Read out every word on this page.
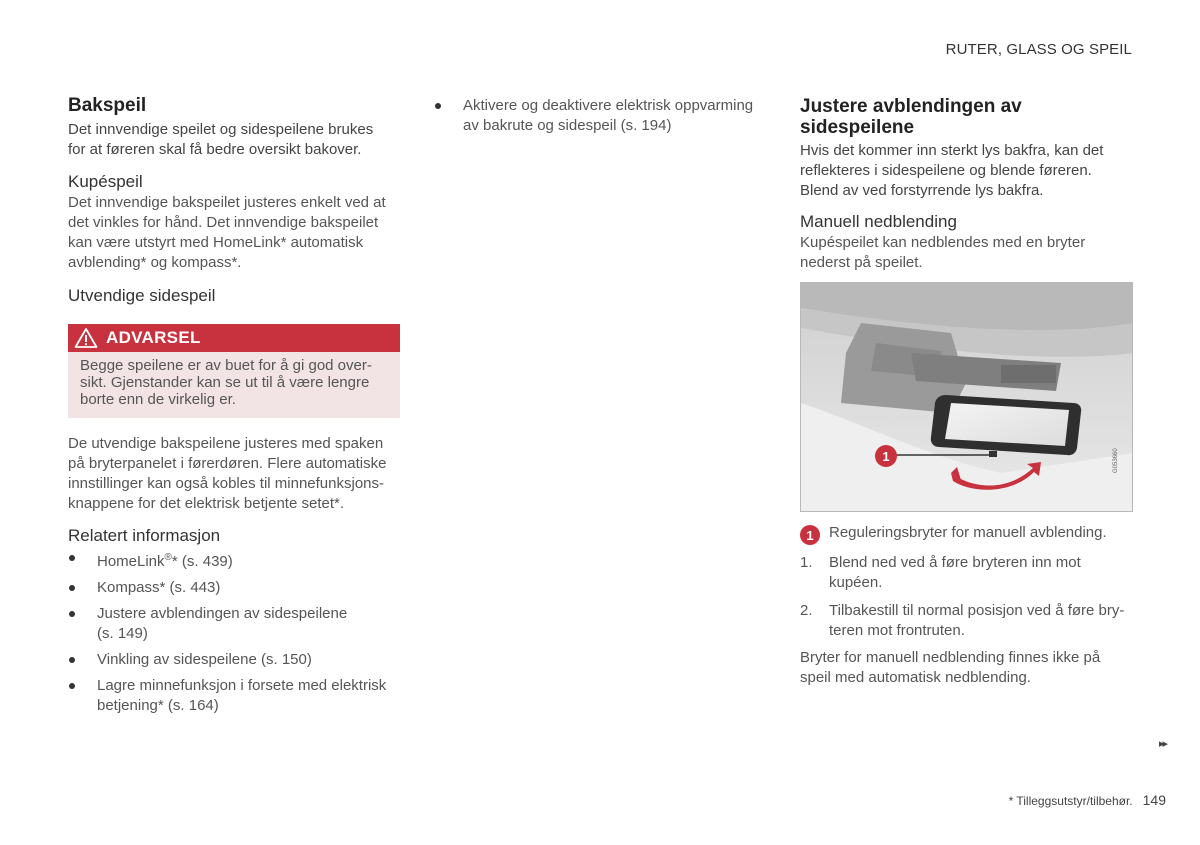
RUTER, GLASS OG SPEIL
Bakspeil

Det innvendige speilet og sidespeilene brukes

for at føreren skal få bedre oversikt bakover.

Kupéspeil

Det innvendige bakspeilet justeres enkelt ved at

det vinkles for hånd. Det innvendige bakspeilet

kan være utstyrt med HomeLink* automatisk

avblending* og kompass*.

Utvendige sidespeil
ADVARSEL
Begge speilene er av buet for å gi god over-
sikt. Gjenstander kan se ut til å være lengre
borte enn de virkelig er.

De utvendige bakspeilene justeres med spaken

på bryterpanelet i førerdøren. Flere automatiske

innstillinger kan også kobles til minnefunksjons-

knappene for det elektrisk betjente setet*.

Relatert informasjon
HomeLink®* (s. 439)
Kompass* (s. 443)
Justere avblendingen av sidespeilene
(s. 149)
Vinkling av sidespeilene (s. 150)
Lagre minnefunksjon i forsete med elektrisk
betjening* (s. 164)
Aktivere og deaktivere elektrisk oppvarming
av bakrute og sidespeil (s. 194)
Justere avblendingen av
sidespeilene

Hvis det kommer inn sterkt lys bakfra, kan det

reflekteres i sidespeilene og blende føreren.

Blend av ved forstyrrende lys bakfra.

Manuell nedblending

Kupéspeilet kan nedblendes med en bryter

nederst på speilet.

1	G053660
1	Reguleringsbryter for manuell avblending.
1. Blend ned ved å føre bryteren inn mot
kupéen.
2. Tilbakestill til normal posisjon ved å føre bry-
teren mot frontruten.

Bryter for manuell nedblending finnes ikke på

speil med automatisk nedblending.

▸▸
* Tilleggsutstyr/tilbehør. 149
